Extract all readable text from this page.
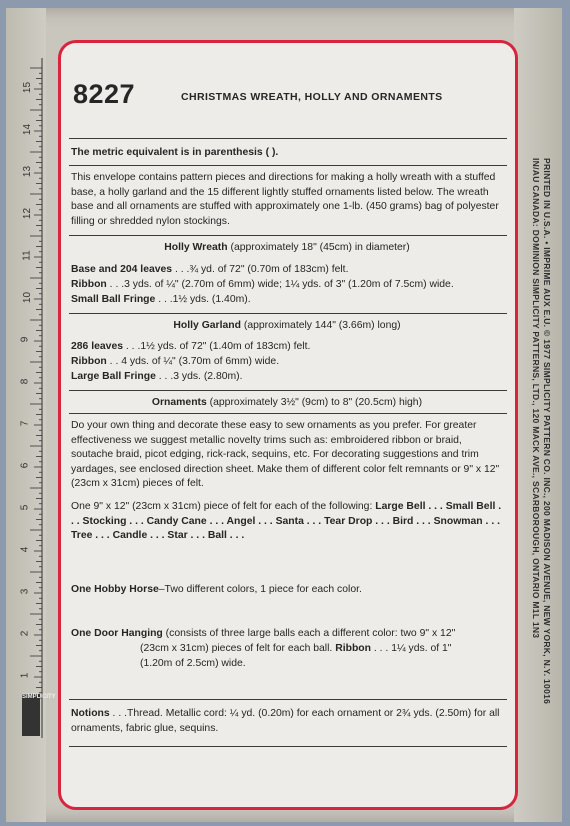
15
14
13
12
11
10
9
8
7
6
5
4
3
2
1
SIMPLICITY	PRINTED IN U.S.A. • IMPRIME AUX E.U. © 1977 SIMPLICITY PATTERN CO. INC., 200 MADISON AVENUE, NEW YORK, N.Y. 10016
IN/AU CANADA: DOMINION SIMPLICITY PATTERNS, LTD., 120 MACK AVE., SCARBOROUGH, ONTARIO M1L 1N3
8227	CHRISTMAS WREATH, HOLLY AND ORNAMENTS
The metric equivalent is in parenthesis ( ).
This envelope contains pattern pieces and directions for making a holly wreath with a stuffed base, a holly garland and the 15 different lightly stuffed ornaments listed below. The wreath base and all ornaments are stuffed with approximately one 1-lb. (450 grams) bag of polyester filling or shredded nylon stockings.
Holly Wreath (approximately 18" (45cm) in diameter)
Base and 204 leaves . . .¾ yd. of 72" (0.70m of 183cm) felt.
Ribbon . . .3 yds. of ¼" (2.70m of 6mm) wide; 1¼ yds. of 3" (1.20m of 7.5cm) wide.
Small Ball Fringe . . .1½ yds. (1.40m).
Holly Garland (approximately 144" (3.66m) long)
286 leaves . . .1½ yds. of 72" (1.40m of 183cm) felt.
Ribbon . . 4 yds. of ¼" (3.70m of 6mm) wide.
Large Ball Fringe . . .3 yds. (2.80m).
Ornaments (approximately 3½" (9cm) to 8" (20.5cm) high)
Do your own thing and decorate these easy to sew ornaments as you prefer. For greater effectiveness we suggest metallic novelty trims such as: embroidered ribbon or braid, soutache braid, picot edging, rick-rack, sequins, etc. For decorating suggestions and trim yardages, see enclosed direction sheet. Make them of different color felt remnants or 9" x 12" (23cm x 31cm) pieces of felt.
One 9" x 12" (23cm x 31cm) piece of felt for each of the following: Large Bell . . . Small Bell . . . Stocking . . . Candy Cane . . . Angel . . . Santa . . . Tear Drop . . . Bird . . . Snowman . . . Tree . . . Candle . . . Star . . . Ball . . .
One Hobby Horse–Two different colors, 1 piece for each color.
One Door Hanging (consists of three large balls each a different color: two 9" x 12"
(23cm x 31cm) pieces of felt for each ball. Ribbon . . . 1¼ yds. of 1"
(1.20m of 2.5cm) wide.
Notions . . .Thread. Metallic cord: ¼ yd. (0.20m) for each ornament or 2¾ yds. (2.50m) for all ornaments, fabric glue, sequins.
